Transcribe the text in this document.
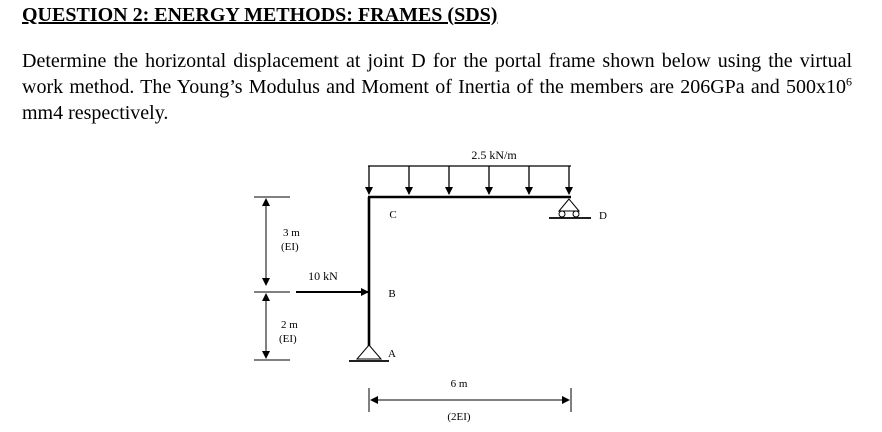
QUESTION 2: ENERGY METHODS: FRAMES (SDS)
Determine the horizontal displacement at joint D for the portal frame shown below using the virtual work method. The Young’s Modulus and Moment of Inertia of the members are 206GPa and $500x10^6$ mm4 respectively.
2.5 kN/m
C
B
A
D
10 kN
3 m
(EI)
2 m
(EI)
6 m
(2EI)
